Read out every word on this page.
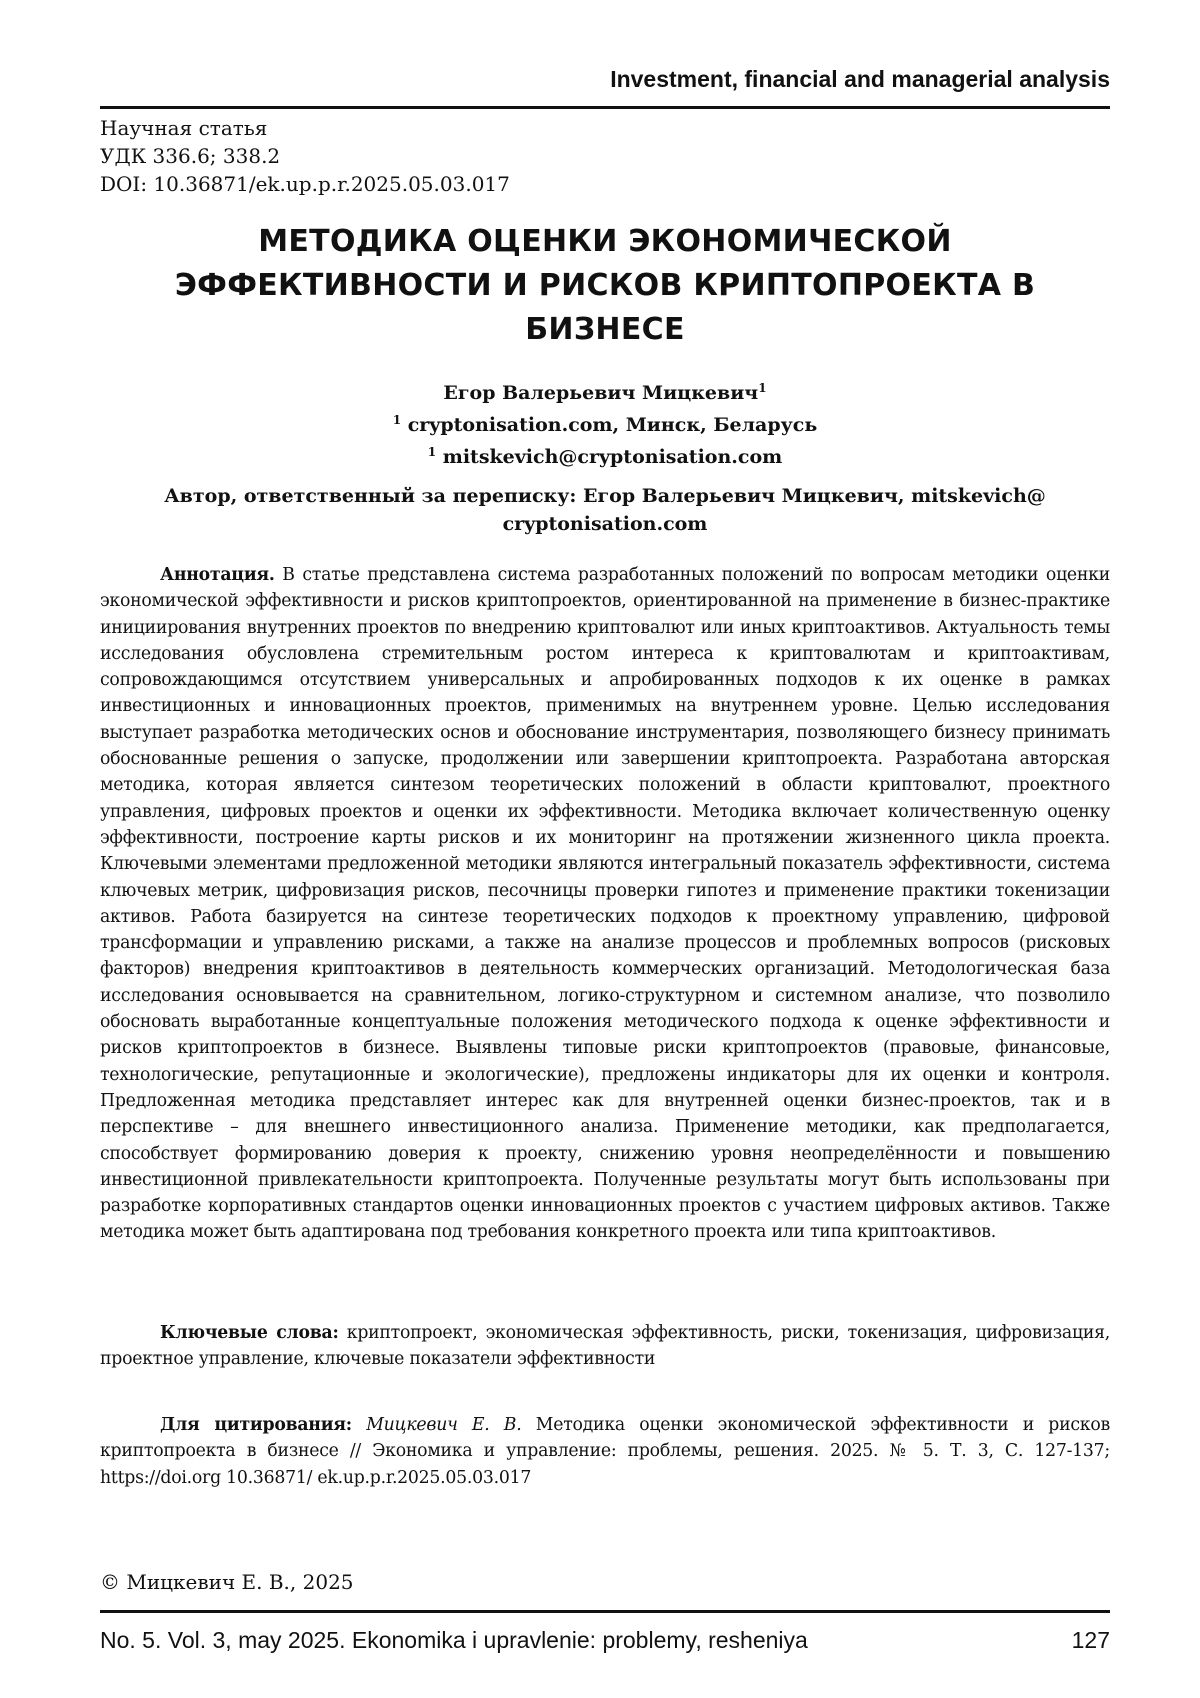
Investment, financial and managerial analysis
Научная статья
УДК 336.6; 338.2
DOI: 10.36871/ek.up.p.r.2025.05.03.017
МЕТОДИКА ОЦЕНКИ ЭКОНОМИЧЕСКОЙ
ЭФФЕКТИВНОСТИ И РИСКОВ КРИПТОПРОЕКТА В
БИЗНЕСЕ
Егор Валерьевич Мицкевич$^1$
$^1$ cryptonisation.com, Минск, Беларусь
$^1$ mitskevich@cryptonisation.com
Автор, ответственный за переписку: Егор Валерьевич Мицкевич, mitskevich@
cryptonisation.com
Аннотация. В статье представлена система разработанных положений по вопросам методики оценки экономической эффективности и рисков криптопроектов, ориентированной на применение в бизнес-практике инициирования внутренних проектов по внедрению криптовалют или иных криптоактивов. Актуальность темы исследования обусловлена стремительным ростом интереса к криптовалютам и криптоактивам, сопровождающимся отсутствием универсальных и апробированных подходов к их оценке в рамках инвестиционных и инновационных проектов, применимых на внутреннем уровне. Целью исследования выступает разработка методических основ и обоснование инструментария, позволяющего бизнесу принимать обоснованные решения о запуске, продолжении или завершении криптопроекта. Разработана авторская методика, которая является синтезом теоретических положений в области криптовалют, проектного управления, цифровых проектов и оценки их эффективности. Методика включает количественную оценку эффективности, построение карты рисков и их мониторинг на протяжении жизненного цикла проекта. Ключевыми элементами предложенной методики являются интегральный показатель эффективности, система ключевых метрик, цифровизация рисков, песочницы проверки гипотез и применение практики токенизации активов. Работа базируется на синтезе теоретических подходов к проектному управлению, цифровой трансформации и управлению рисками, а также на анализе процессов и проблемных вопросов (рисковых факторов) внедрения криптоактивов в деятельность коммерческих организаций. Методологическая база исследования основывается на сравнительном, логико-структурном и системном анализе, что позволило обосновать выработанные концептуальные положения методического подхода к оценке эффективности и рисков криптопроектов в бизнесе. Выявлены типовые риски криптопроектов (правовые, финансовые, технологические, репутационные и экологические), предложены индикаторы для их оценки и контроля. Предложенная методика представляет интерес как для внутренней оценки бизнес-проектов, так и в перспективе – для внешнего инвестиционного анализа. Применение методики, как предполагается, способствует формированию доверия к проекту, снижению уровня неопределённости и повышению инвестиционной привлекательности криптопроекта. Полученные результаты могут быть использованы при разработке корпоративных стандартов оценки инновационных проектов с участием цифровых активов. Также методика может быть адаптирована под требования конкретного проекта или типа криптоактивов.
Ключевые слова: криптопроект, экономическая эффективность, риски, токенизация, цифровизация, проектное управление, ключевые показатели эффективности
Для цитирования: Мицкевич Е. В. Методика оценки экономической эффективности и рисков криптопроекта в бизнесе // Экономика и управление: проблемы, решения. 2025. № 5. Т. 3, С. 127-137; https://doi.org 10.36871/ ek.up.p.r.2025.05.03.017
© Мицкевич Е. В., 2025
No. 5. Vol. 3, may 2025. Ekonomika i upravlenie: problemy, resheniya	127
